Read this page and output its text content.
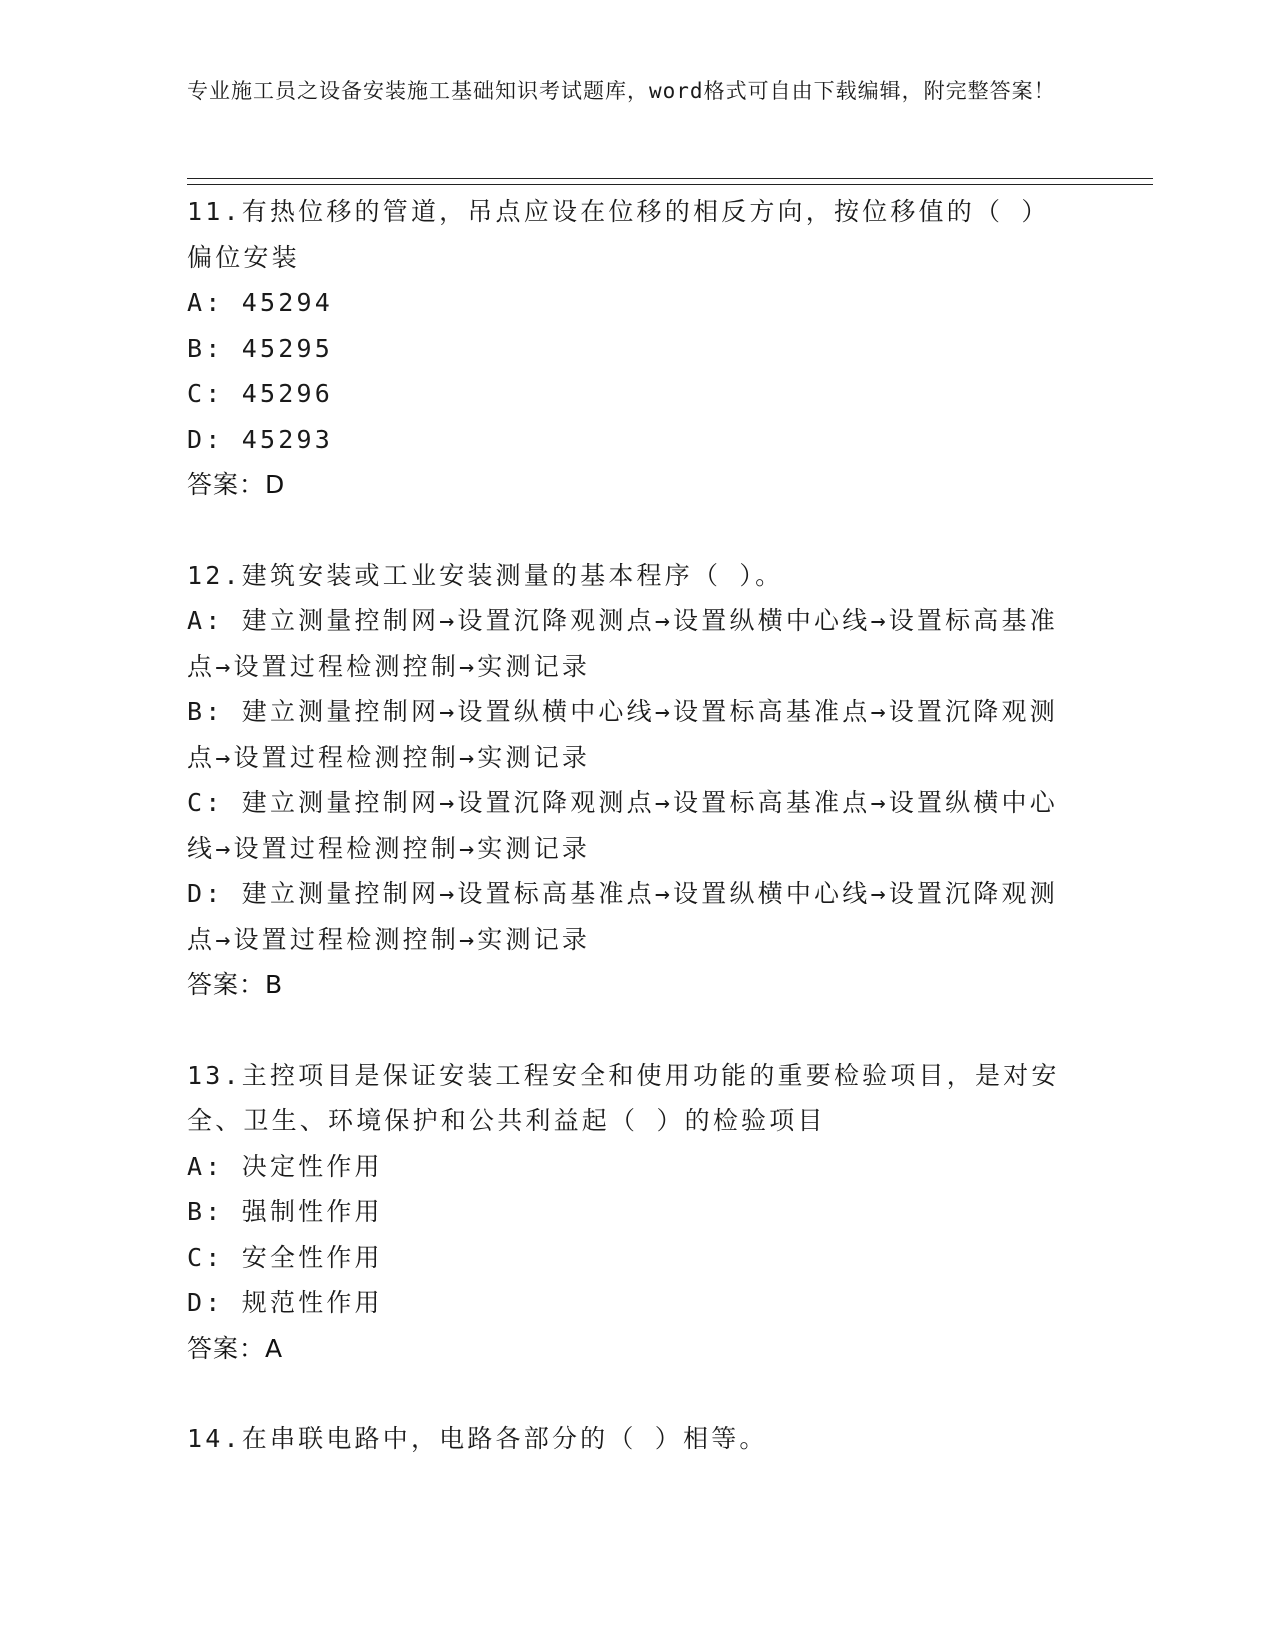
专业施工员之设备安装施工基础知识考试题库，word格式可自由下载编辑，附完整答案！
11.有热位移的管道，吊点应设在位移的相反方向，按位移值的（ ）偏位安装
A: 45294
B: 45295
C: 45296
D: 45293
答案：D
12.建筑安装或工业安装测量的基本程序（ ）。
A: 建立测量控制网→设置沉降观测点→设置纵横中心线→设置标高基准点→设置过程检测控制→实测记录
B: 建立测量控制网→设置纵横中心线→设置标高基准点→设置沉降观测点→设置过程检测控制→实测记录
C: 建立测量控制网→设置沉降观测点→设置标高基准点→设置纵横中心线→设置过程检测控制→实测记录
D: 建立测量控制网→设置标高基准点→设置纵横中心线→设置沉降观测点→设置过程检测控制→实测记录
答案：B
13.主控项目是保证安装工程安全和使用功能的重要检验项目，是对安全、卫生、环境保护和公共利益起（ ）的检验项目
A: 决定性作用
B: 强制性作用
C: 安全性作用
D: 规范性作用
答案：A
14.在串联电路中，电路各部分的（ ）相等。
